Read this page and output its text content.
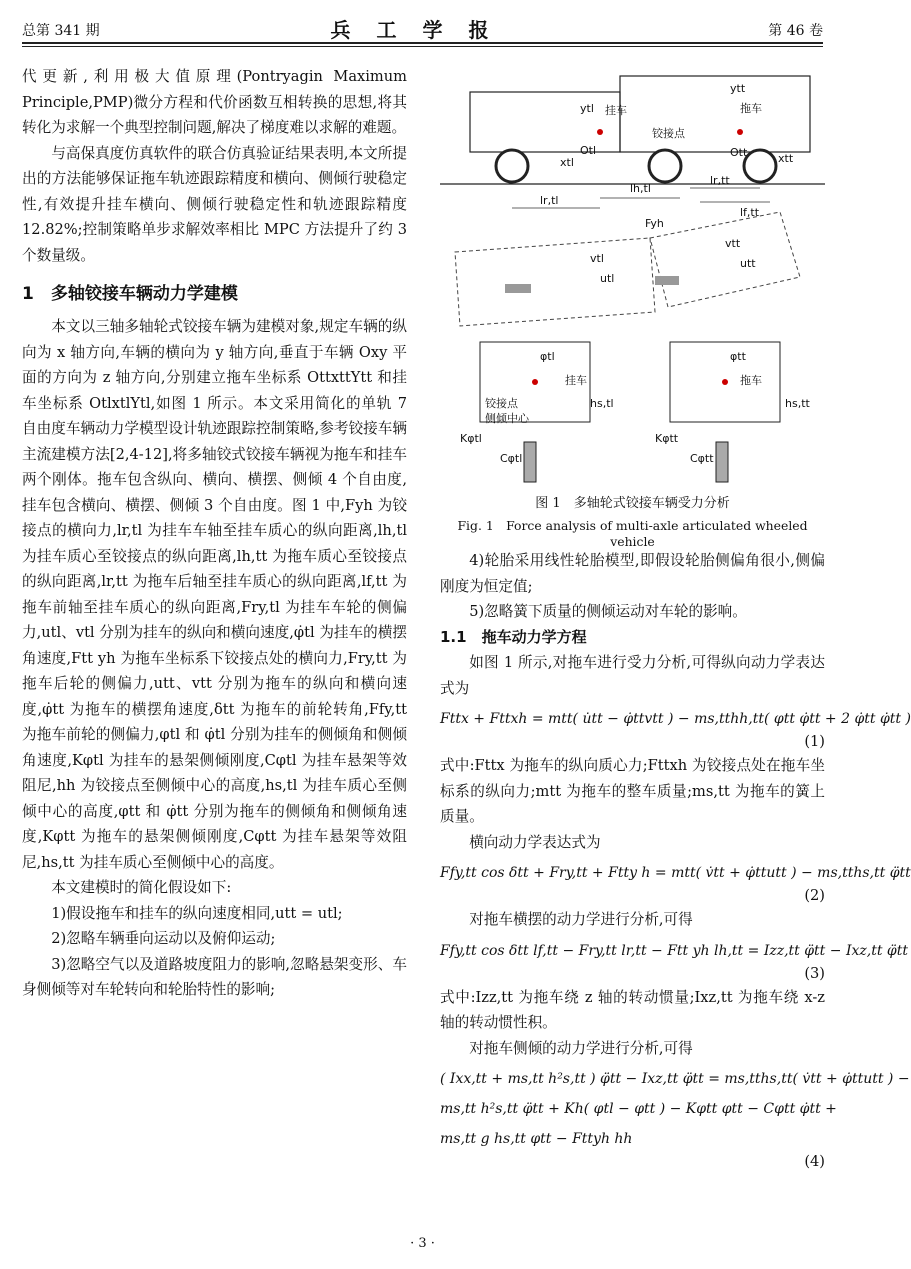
总第 341 期	兵工学报	第 46 卷

代更新,利用极大值原理(Pontryagin Maximum Principle,PMP)微分方程和代价函数互相转换的思想,将其转化为求解一个典型控制问题,解决了梯度难以求解的难题。

与高保真度仿真软件的联合仿真验证结果表明,本文所提出的方法能够保证拖车轨迹跟踪精度和横向、侧倾行驶稳定性,有效提升挂车横向、侧倾行驶稳定性和轨迹跟踪精度 12.82%;控制策略单步求解效率相比 MPC 方法提升了约 3 个数量级。

1　多轴铰接车辆动力学建模

本文以三轴多轴轮式铰接车辆为建模对象,规定车辆的纵向为 x 轴方向,车辆的横向为 y 轴方向,垂直于车辆 Oxy 平面的方向为 z 轴方向,分别建立拖车坐标系 OttxttYtt 和挂车坐标系 OtlxtlYtl,如图 1 所示。本文采用简化的单轨 7 自由度车辆动力学模型设计轨迹跟踪控制策略,参考铰接车辆主流建模方法[2,4-12],将多轴铰式铰接车辆视为拖车和挂车两个刚体。拖车包含纵向、横向、横摆、侧倾 4 个自由度,挂车包含横向、横摆、侧倾 3 个自由度。图 1 中,Fyh 为铰接点的横向力,lr,tl 为挂车车轴至挂车质心的纵向距离,lh,tl 为挂车质心至铰接点的纵向距离,lh,tt 为拖车质心至铰接点的纵向距离,lr,tt 为拖车后轴至挂车质心的纵向距离,lf,tt 为拖车前轴至挂车质心的纵向距离,Fry,tl 为挂车车轮的侧偏力,utl、vtl 分别为挂车的纵向和横向速度,φ̇tl 为挂车的横摆角速度,Ftt yh 为拖车坐标系下铰接点处的横向力,Fry,tt 为拖车后轮的侧偏力,utt、vtt 分别为拖车的纵向和横向速度,φ̇tt 为拖车的横摆角速度,δtt 为拖车的前轮转角,Ffy,tt 为拖车前轮的侧偏力,φtl 和 φ̇tl 分别为挂车的侧倾角和侧倾角速度,Kφtl 为挂车的悬架侧倾刚度,Cφtl 为挂车悬架等效阻尼,hh 为铰接点至侧倾中心的高度,hs,tl 为挂车质心至侧倾中心的高度,φtt 和 φ̇tt 分别为拖车的侧倾角和侧倾角速度,Kφtt 为拖车的悬架侧倾刚度,Cφtt 为挂车悬架等效阻尼,hs,tt 为挂车质心至侧倾中心的高度。

本文建模时的简化假设如下:

1)假设拖车和挂车的纵向速度相同,utt = utl;

2)忽略车辆垂向运动以及俯仰运动;

3)忽略空气以及道路坡度阻力的影响,忽略悬架变形、车身侧倾等对车轮转向和轮胎特性的影响;

挂车	拖车
铰接点
Otl	Ott
lr,tl
lh,tl
lr,tt
lf,tt
Fyh
utl
vtl	utt
vtt
挂车	拖车
铰接点
侧倾中心
Kφtl	Kφtt
Cφtl	Cφtt
hs,tl	hs,tt
φtl	φtt
xtl	xtt
ytl
ytt
图 1　多轴轮式铰接车辆受力分析
Fig. 1　Force analysis of multi-axle articulated wheeled vehicle

4)轮胎采用线性轮胎模型,即假设轮胎侧偏角很小,侧偏刚度为恒定值;

5)忽略簧下质量的侧倾运动对车轮的影响。

1.1　拖车动力学方程

如图 1 所示,对拖车进行受力分析,可得纵向动力学表达式为

Fttx + Fttxh = mtt( u̇tt − φ̇ttvtt ) − ms,tthh,tt( φtt φ̇tt + 2 φ̇tt φ̇tt )

(1)

式中:Fttx 为拖车的纵向质心力;Fttxh 为铰接点处在拖车坐标系的纵向力;mtt 为拖车的整车质量;ms,tt 为拖车的簧上质量。

横向动力学表达式为

Ffy,tt cos δtt + Fry,tt + Ftty h = mtt( v̇tt + φ̇ttutt ) − ms,tths,tt φ̈tt

(2)

对拖车横摆的动力学进行分析,可得

Ffy,tt cos δtt lf,tt − Fry,tt lr,tt − Ftt yh lh,tt = Izz,tt φ̈tt − Ixz,tt φ̈tt

(3)

式中:Izz,tt 为拖车绕 z 轴的转动惯量;Ixz,tt 为拖车绕 x-z 轴的转动惯性积。

对拖车侧倾的动力学进行分析,可得

( Ixx,tt + ms,tt h²s,tt ) φ̈tt − Ixz,tt φ̈tt = ms,tths,tt( v̇tt + φ̇ttutt ) −

ms,tt h²s,tt φ̈tt + Kh( φtl − φtt ) − Kφtt φtt − Cφtt φ̇tt +

ms,tt g hs,tt φtt − Fttyh hh

(4)

· 3 ·
